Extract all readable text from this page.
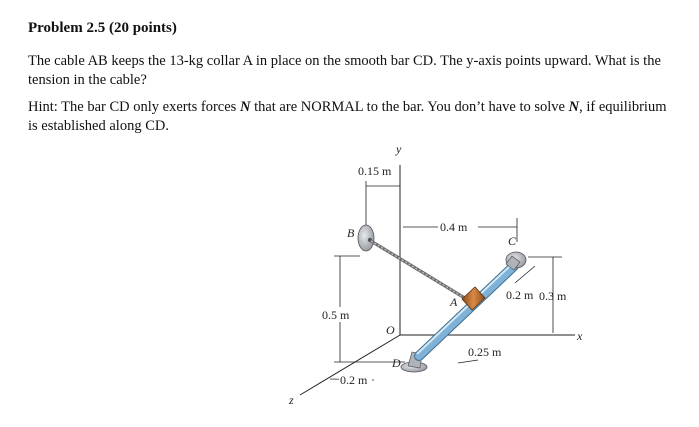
Problem 2.5 (20 points)
The cable AB keeps the 13-kg collar A in place on the smooth bar CD. The y-axis points upward. What is the tension in the cable?
Hint: The bar CD only exerts forces N that are NORMAL to the bar. You don’t have to solve N, if equilibrium is established along CD.
y
x
z
O
0.15 m
0.4 m
0.5 m
0.2 m
0.3 m
0.2 m
0.25 m
B
D
C
A
